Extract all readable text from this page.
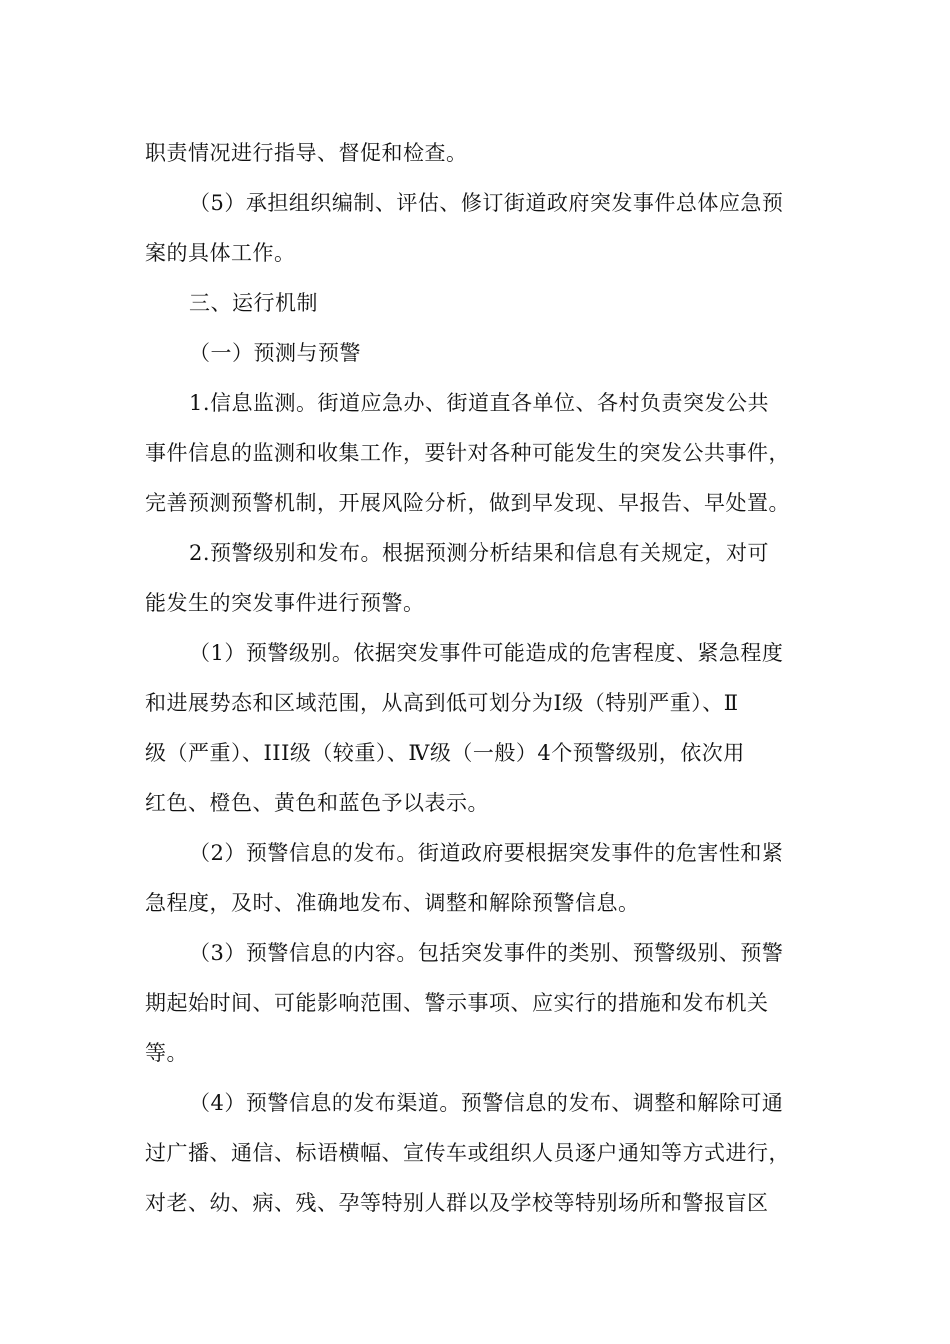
职责情况进行指导、督促和检查。
（5）承担组织编制、评估、修订街道政府突发事件总体应急预
案的具体工作。
三、运行机制
（一）预测与预警
1.信息监测。街道应急办、街道直各单位、各村负责突发公共
事件信息的监测和收集工作，要针对各种可能发生的突发公共事件，
完善预测预警机制，开展风险分析，做到早发现、早报告、早处置。
2.预警级别和发布。根据预测分析结果和信息有关规定，对可
能发生的突发事件进行预警。
（1）预警级别。依据突发事件可能造成的危害程度、紧急程度
和进展势态和区域范围，从高到低可划分为Ⅰ级（特别严重）、Ⅱ
级（严重）、III级（较重）、Ⅳ级（一般）4个预警级别，依次用
红色、橙色、黄色和蓝色予以表示。
（2）预警信息的发布。街道政府要根据突发事件的危害性和紧
急程度，及时、准确地发布、调整和解除预警信息。
（3）预警信息的内容。包括突发事件的类别、预警级别、预警
期起始时间、可能影响范围、警示事项、应实行的措施和发布机关
等。
（4）预警信息的发布渠道。预警信息的发布、调整和解除可通
过广播、通信、标语横幅、宣传车或组织人员逐户通知等方式进行，
对老、幼、病、残、孕等特别人群以及学校等特别场所和警报盲区
